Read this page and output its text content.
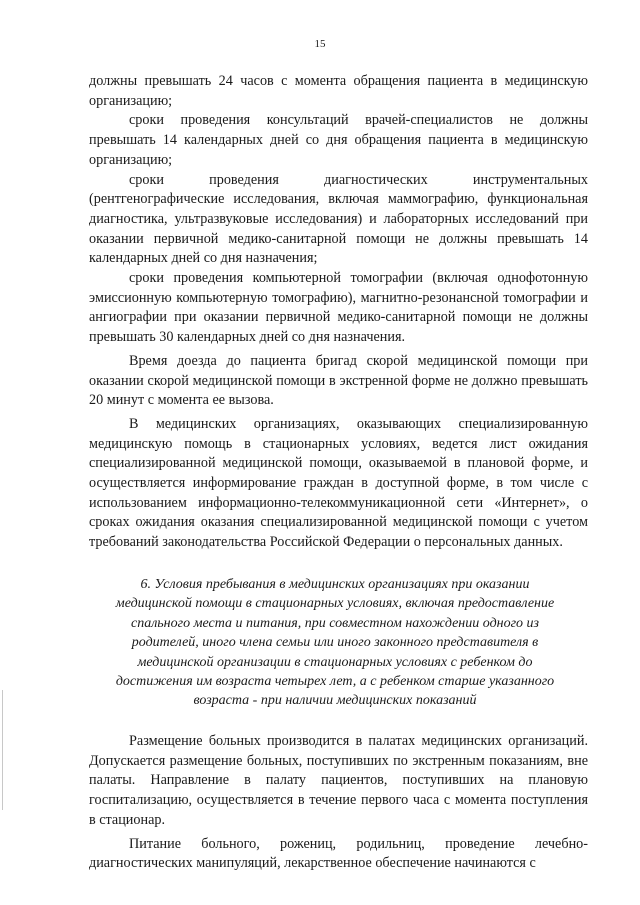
15

должны превышать 24 часов с момента обращения пациента в медицинскую организацию;

сроки проведения консультаций врачей-специалистов не должны превышать 14 календарных дней со дня обращения пациента в медицинскую организацию;

сроки проведения диагностических инструментальных (рентгенографические исследования, включая маммографию, функциональная диагностика, ультразвуковые исследования) и лабораторных исследований при оказании первичной медико-санитарной помощи не должны превышать 14 календарных дней со дня назначения;

сроки проведения компьютерной томографии (включая однофотонную эмиссионную компьютерную томографию), магнитно-резонансной томографии и ангиографии при оказании первичной медико-санитарной помощи не должны превышать 30 календарных дней со дня назначения.

Время доезда до пациента бригад скорой медицинской помощи при оказании скорой медицинской помощи в экстренной форме не должно превышать 20 минут с момента ее вызова.

В медицинских организациях, оказывающих специализированную медицинскую помощь в стационарных условиях, ведется лист ожидания специализированной медицинской помощи, оказываемой в плановой форме, и осуществляется информирование граждан в доступной форме, в том числе с использованием информационно-телекоммуникационной сети «Интернет», о сроках ожидания оказания специализированной медицинской помощи с учетом требований законодательства Российской Федерации о персональных данных.

6. Условия пребывания в медицинских организациях при оказании медицинской помощи в стационарных условиях, включая предоставление спального места и питания, при совместном нахождении одного из родителей, иного члена семьи или иного законного представителя в медицинской организации в стационарных условиях с ребенком до достижения им возраста четырех лет, а с ребенком старше указанного возраста - при наличии медицинских показаний

Размещение больных производится в палатах медицинских организаций. Допускается размещение больных, поступивших по экстренным показаниям, вне палаты. Направление в палату пациентов, поступивших на плановую госпитализацию, осуществляется в течение первого часа с момента поступления в стационар.

Питание больного, рожениц, родильниц, проведение лечебно-диагностических манипуляций, лекарственное обеспечение начинаются с
